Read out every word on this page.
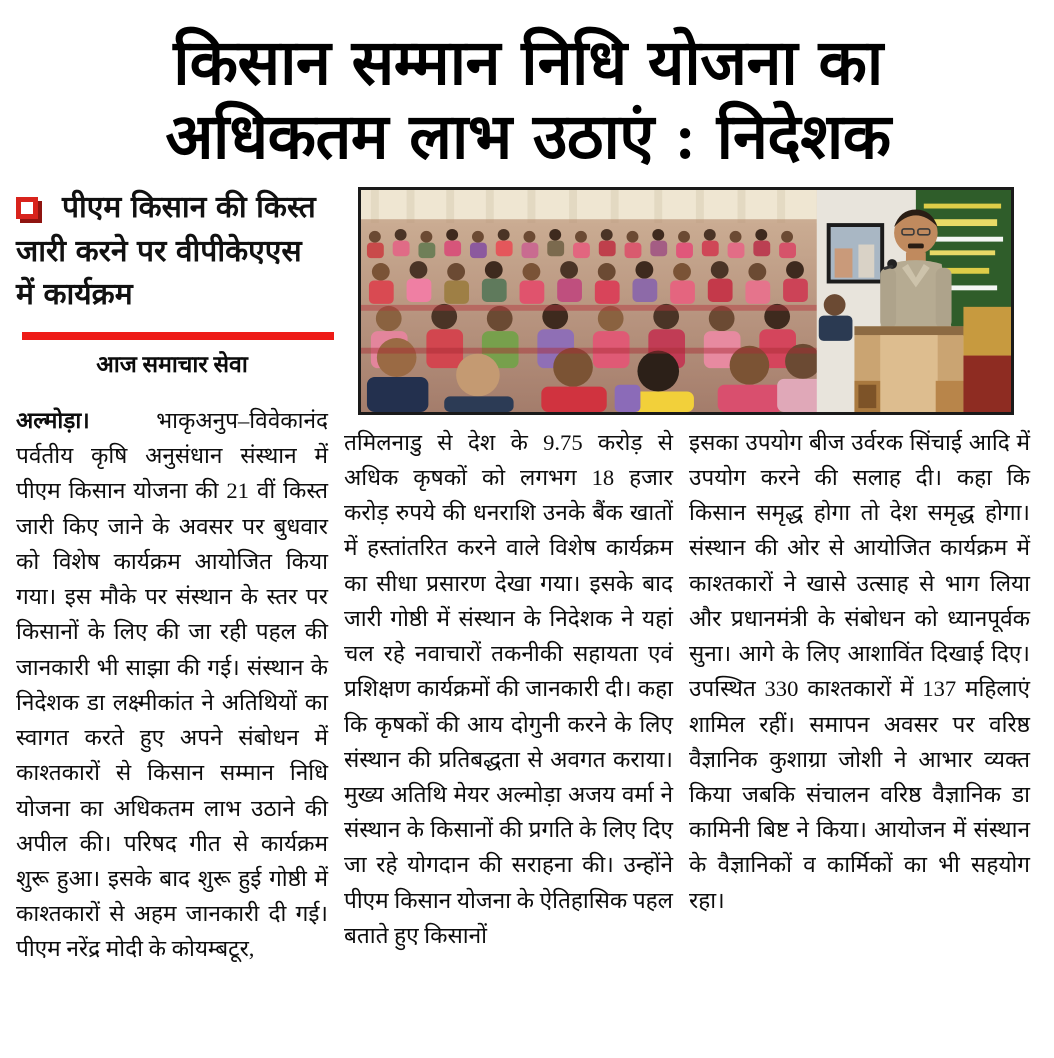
किसान सम्मान निधि योजना का
अधिकतम लाभ उठाएं : निदेशक

पीएम किसान की किस्त जारी करने पर वीपीकेएएस में कार्यक्रम

आज समाचार सेवा

अल्मोड़ा। भाकृअनुप–विवेकानंद पर्वतीय कृषि अनुसंधान संस्थान में पीएम किसान योजना की 21 वीं किस्त जारी किए जाने के अवसर पर बुधवार को विशेष कार्यक्रम आयोजित किया गया। इस मौके पर संस्थान के स्तर पर किसानों के लिए की जा रही पहल की जानकारी भी साझा की गई। संस्थान के निदेशक डा लक्ष्मीकांत ने अतिथियों का स्वागत करते हुए अपने संबोधन में काश्तकारों से किसान सम्मान निधि योजना का अधिकतम लाभ उठाने की अपील की। परिषद गीत से कार्यक्रम शुरू हुआ। इसके बाद शुरू हुई गोष्ठी में काश्तकारों से अहम जानकारी दी गई। पीएम नरेंद्र मोदी के कोयम्बटूर,

तमिलनाडु से देश के 9.75 करोड़ से अधिक कृषकों को लगभग 18 हजार करोड़ रुपये की धनराशि उनके बैंक खातों में हस्तांतरित करने वाले विशेष कार्यक्रम का सीधा प्रसारण देखा गया। इसके बाद जारी गोष्ठी में संस्थान के निदेशक ने यहां चल रहे नवाचारों तकनीकी सहायता एवं प्रशिक्षण कार्यक्रमों की जानकारी दी। कहा कि कृषकों की आय दोगुनी करने के लिए संस्थान की प्रतिबद्धता से अवगत कराया। मुख्य अतिथि मेयर अल्मोड़ा अजय वर्मा ने संस्थान के किसानों की प्रगति के लिए दिए जा रहे योगदान की सराहना की। उन्होंने पीएम किसान योजना के ऐतिहासिक पहल बताते हुए किसानों

इसका उपयोग बीज उर्वरक सिंचाई आदि में उपयोग करने की सलाह दी। कहा कि किसान समृद्ध होगा तो देश समृद्ध होगा। संस्थान की ओर से आयोजित कार्यक्रम में काश्तकारों ने खासे उत्साह से भाग लिया और प्रधानमंत्री के संबोधन को ध्यानपूर्वक सुना। आगे के लिए आशाविंत दिखाई दिए। उपस्थित 330 काश्तकारों में 137 महिलाएं शामिल रहीं। समापन अवसर पर वरिष्ठ वैज्ञानिक कुशाग्रा जोशी ने आभार व्यक्त किया जबकि संचालन वरिष्ठ वैज्ञानिक डा कामिनी बिष्ट ने किया। आयोजन में संस्थान के वैज्ञानिकों व कार्मिकों का भी सहयोग रहा।
